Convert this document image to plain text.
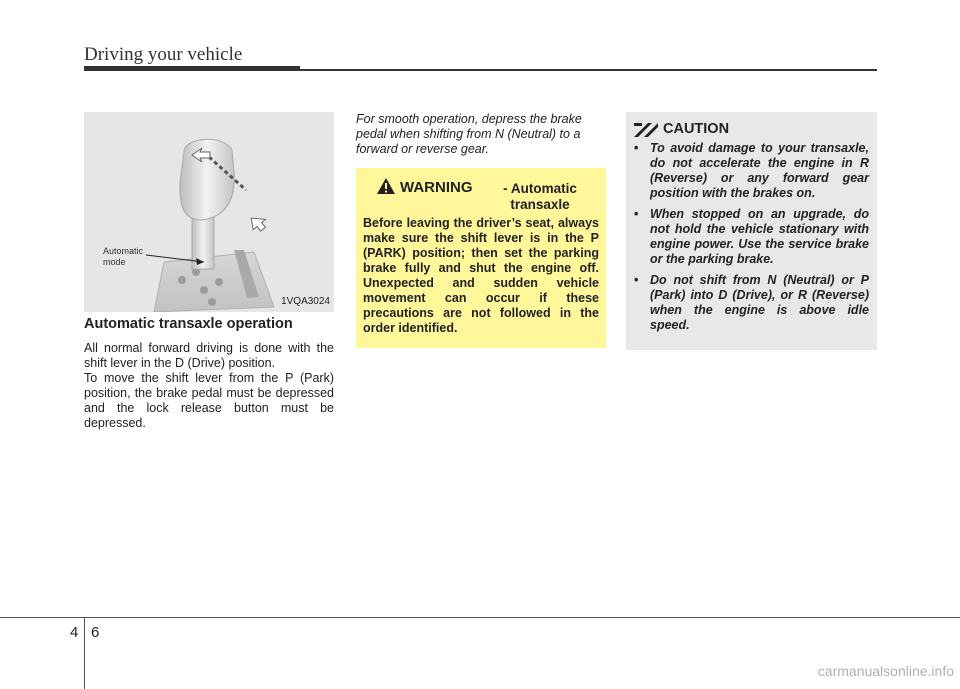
Driving your vehicle
Automatic mode
1VQA3024
Automatic transaxle operation

All normal forward driving is done with the shift lever in the D (Drive) position.

To move the shift lever from the P (Park) position, the brake pedal must be depressed and the lock release button must be depressed.

For smooth operation, depress the brake pedal when shifting from N (Neutral) to a forward or reverse gear.

WARNING	- Automatic transaxle

Before leaving the driver’s seat, always make sure the shift lever is in the P (PARK) position; then set the parking brake fully and shut the engine off. Unexpected and sudden vehicle movement can occur if these precautions are not followed in the order identified.

CAUTION
• To avoid damage to your transaxle, do not accelerate the engine in R (Reverse) or any forward gear position with the brakes on.
• When stopped on an upgrade, do not hold the vehicle stationary with engine power. Use the service brake or the parking brake.
• Do not shift from N (Neutral) or P (Park) into D (Drive), or R (Reverse) when the engine is above idle speed.
4 6
carmanualsonline.info
